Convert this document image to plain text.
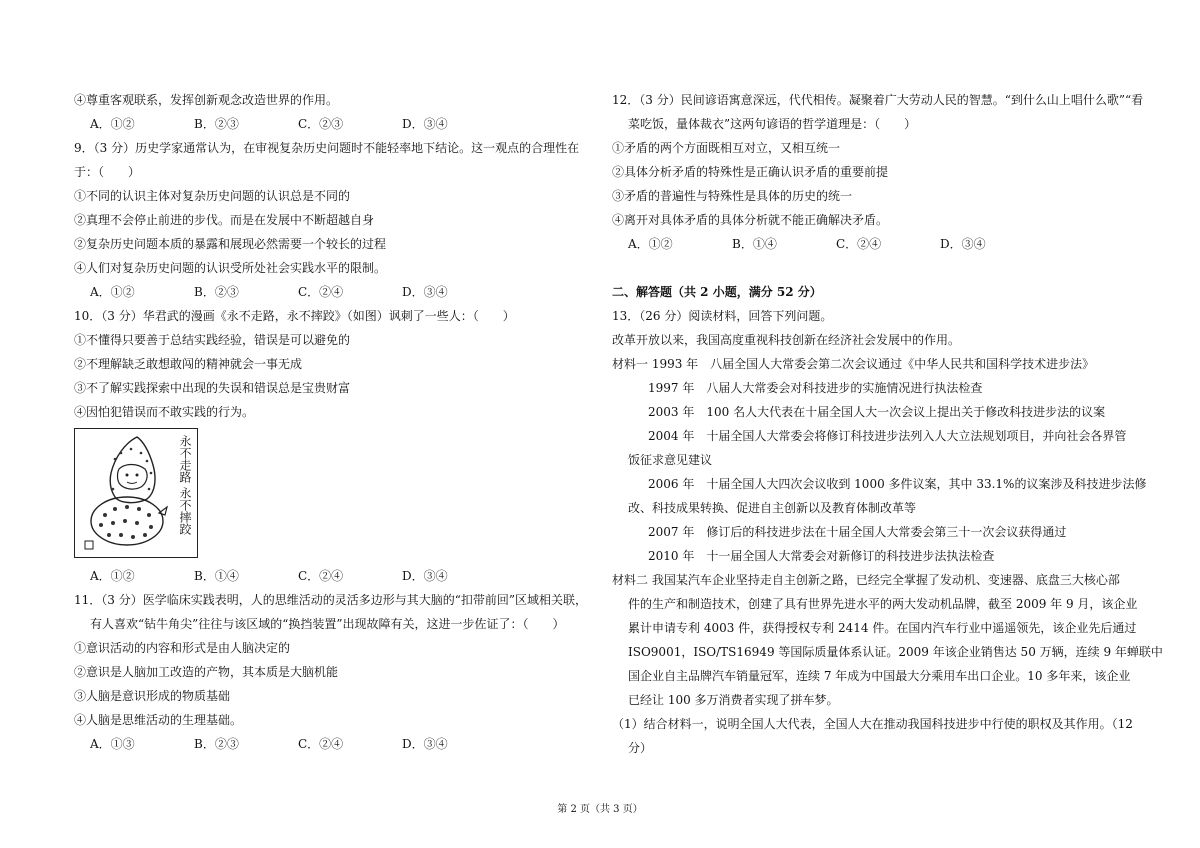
④尊重客观联系，发挥创新观念改造世界的作用。
A．①②	B．②③	C．②③	D．③④
9．（3 分）历史学家通常认为，在审视复杂历史问题时不能轻率地下结论。这一观点的合理性在
于：（　　）
①不同的认识主体对复杂历史问题的认识总是不同的
②真理不会停止前进的步伐。而是在发展中不断超越自身
②复杂历史问题本质的暴露和展现必然需要一个较长的过程
④人们对复杂历史问题的认识受所处社会实践水平的限制。
A．①②	B．②③	C．②④	D．③④
10．（3 分）华君武的漫画《永不走路，永不摔跤》（如图）讽刺了一些人：（　　）
①不懂得只要善于总结实践经验，错误是可以避免的
②不理解缺乏敢想敢闯的精神就会一事无成
③不了解实践探索中出现的失误和错误总是宝贵财富
④因怕犯错误而不敢实践的行为。
永不走路 永不摔跤
A．①②	B．①④	C．②④	D．③④
11．（3 分）医学临床实践表明，人的思维活动的灵活多边形与其大脑的“扣带前回”区域相关联，
有人喜欢“钻牛角尖”往往与该区域的“换挡装置”出现故障有关，这进一步佐证了：（　　）
①意识活动的内容和形式是由人脑决定的
②意识是人脑加工改造的产物，其本质是大脑机能
③人脑是意识形成的物质基础
④人脑是思维活动的生理基础。
A．①③	B．②③	C．②④	D．③④
12．（3 分）民间谚语寓意深远，代代相传。凝聚着广大劳动人民的智慧。“到什么山上唱什么歌”“看
菜吃饭，量体裁衣”这两句谚语的哲学道理是：（　　）
①矛盾的两个方面既相互对立，又相互统一
②具体分析矛盾的特殊性是正确认识矛盾的重要前提
③矛盾的普遍性与特殊性是具体的历史的统一
④离开对具体矛盾的具体分析就不能正确解决矛盾。
A．①②	B．①④	C．②④	D．③④
二、解答题（共 2 小题，满分 52 分）
13．（26 分）阅读材料，回答下列问题。
改革开放以来，我国高度重视科技创新在经济社会发展中的作用。
材料一 1993 年　八届全国人大常委会第二次会议通过《中华人民共和国科学技术进步法》
1997 年　八届人大常委会对科技进步的实施情况进行执法检查
2003 年　100 名人大代表在十届全国人大一次会议上提出关于修改科技进步法的议案
2004 年　十届全国人大常委会将修订科技进步法列入人大立法规划项目，并向社会各界管
饭征求意见建议
2006 年　十届全国人大四次会议收到 1000 多件议案，其中 33.1%的议案涉及科技进步法修
改、科技成果转换、促进自主创新以及教育体制改革等
2007 年　修订后的科技进步法在十届全国人大常委会第三十一次会议获得通过
2010 年　十一届全国人大常委会对新修订的科技进步法执法检查
材料二 我国某汽车企业坚持走自主创新之路，已经完全掌握了发动机、变速器、底盘三大核心部
件的生产和制造技术，创建了具有世界先进水平的两大发动机品牌，截至 2009 年 9 月，该企业
累计申请专利 4003 件，获得授权专利 2414 件。在国内汽车行业中遥遥领先，该企业先后通过
ISO9001，ISO/TS16949 等国际质量体系认证。2009 年该企业销售达 50 万辆，连续 9 年蝉联中
国企业自主品牌汽车销量冠军，连续 7 年成为中国最大分乘用车出口企业。10 多年来，该企业
已经让 100 多万消费者实现了拼车梦。
（1）结合材料一，说明全国人大代表，全国人大在推动我国科技进步中行使的职权及其作用。（12
分）
第 2 页（共 3 页）
